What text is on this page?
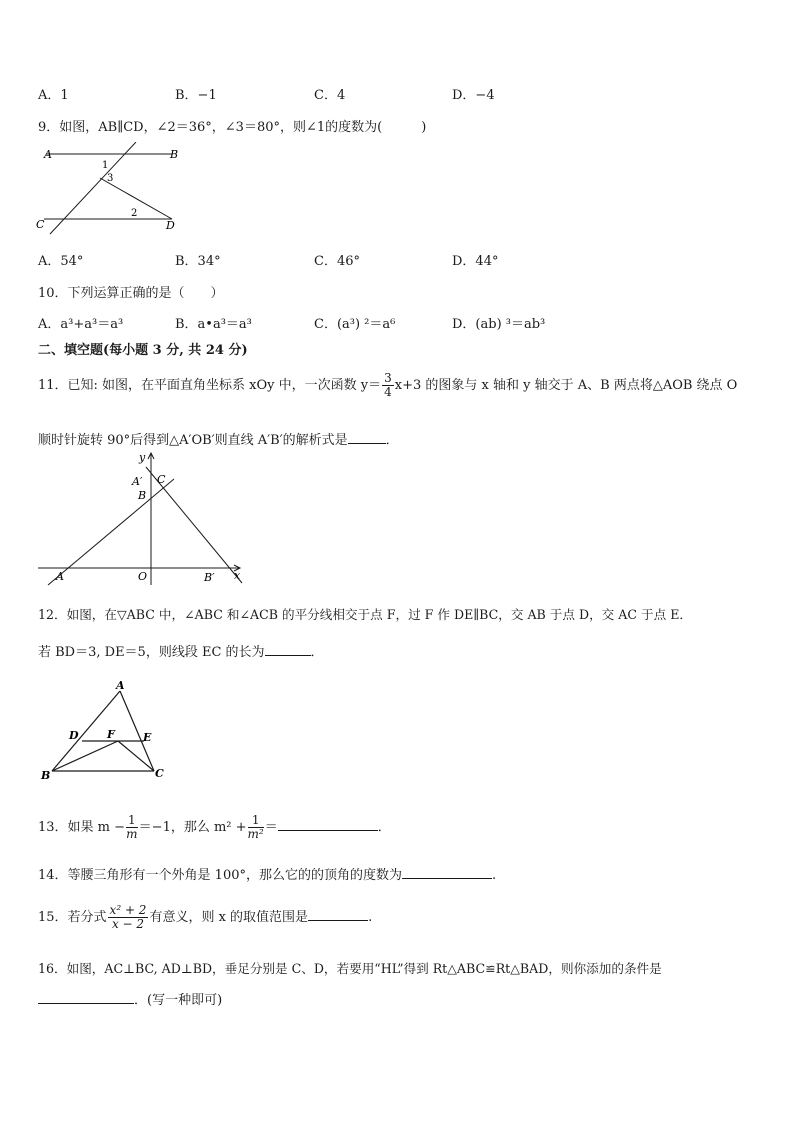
A．1	B．−1	C．4	D．−4
9．如图，AB∥CD，∠2＝36°，∠3＝80°，则∠1的度数为(　　　)
A	B
C	D
1
3
2
A．54°	B．34°	C．46°	D．44°
10．下列运算正确的是（　　）
A．a³+a³＝a³	B．a•a³＝a³	C．(a³) ²＝a⁶	D．(ab) ³＝ab³
二、填空题(每小题 3 分, 共 24 分)
11．已知: 如图，在平面直角坐标系 xOy 中，一次函数 $y= \frac{3}{4} x+3$ 的图象与 x 轴和 y 轴交于 A、B 两点将△AOB 绕点 O
顺时针旋转 90°后得到△A′OB′则直线 A′B′的解析式是	．
y
x
A	O
B
A′
B′
C
12．如图，在▽ABC 中，∠ABC 和∠ACB 的平分线相交于点 F，过 F 作 DE∥BC，交 AB 于点 D，交 AC 于点 E．
若 BD＝3, DE＝5，则线段 EC 的长为	．
A
D	F	E
B	C
13．如果 $m - \frac{1}{m} =-1$，那么 $m^2 + \frac{1}{\text{m²}}$ ＝	．
14．等腰三角形有一个外角是 100°，那么它的的顶角的度数为	.
15．若分式 $\frac{\text{x² + 2}}{x - 2}$ 有意义，则 x 的取值范围是	.
16．如图，AC⊥BC, AD⊥BD，垂足分别是 C、D，若要用“HL”得到 Rt△ABC≌Rt△BAD，则你添加的条件是
．(写一种即可)
